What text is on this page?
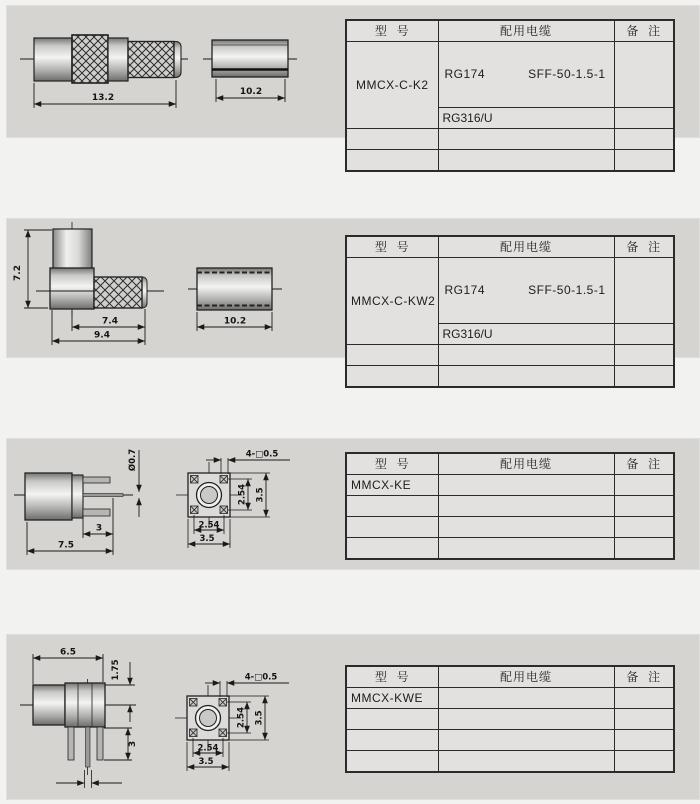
13.2
10.2
型  号	配用电缆	备  注
MMCX-C-K2	RG174 SFF-50-1.5-1	

	RG316/U	

7.2
7.4
9.4
10.2
型  号	配用电缆	备  注
MMCX-C-KW2	RG174 SFF-50-1.5-1	

	RG316/U	

Ø0.7
3
7.5
4-□0.5
2.54 3.5
2.54
3.5
型  号	配用电缆	备  注
MMCX-KE		

6.5
1.75
3
4-□0.5
2.54 3.5
2.54
3.5
型  号	配用电缆	备  注
MMCX-KWE		
